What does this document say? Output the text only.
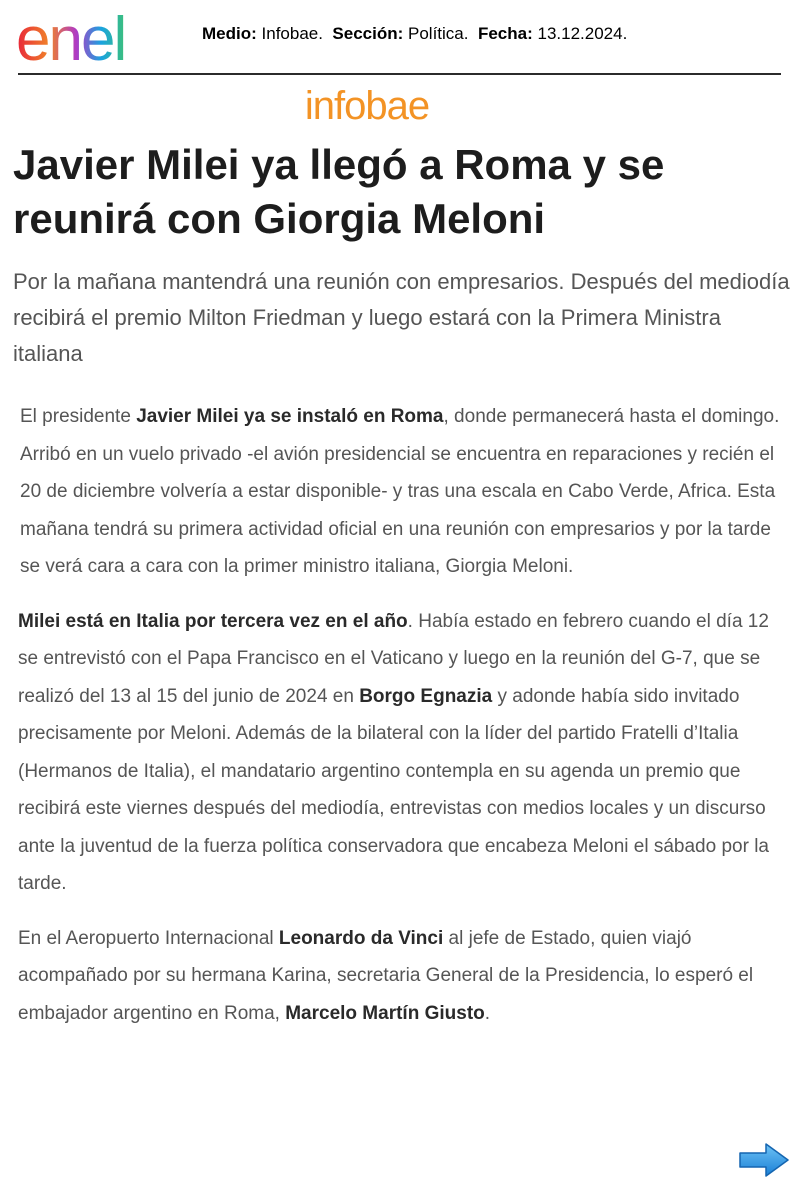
enel	Medio: Infobae. Sección: Política. Fecha: 13.12.2024.
infobae
Javier Milei ya llegó a Roma y se reunirá con Giorgia Meloni

Por la mañana mantendrá una reunión con empresarios. Después del mediodía recibirá el premio Milton Friedman y luego estará con la Primera Ministra italiana

El presidente Javier Milei ya se instaló en Roma, donde permanecerá hasta el domingo. Arribó en un vuelo privado -el avión presidencial se encuentra en reparaciones y recién el 20 de diciembre volvería a estar disponible- y tras una escala en Cabo Verde, Africa. Esta mañana tendrá su primera actividad oficial en una reunión con empresarios y por la tarde se verá cara a cara con la primer ministro italiana, Giorgia Meloni.

Milei está en Italia por tercera vez en el año. Había estado en febrero cuando el día 12 se entrevistó con el Papa Francisco en el Vaticano y luego en la reunión del G-7, que se realizó del 13 al 15 del junio de 2024 en Borgo Egnazia y adonde había sido invitado precisamente por Meloni. Además de la bilateral con la líder del partido Fratelli d’Italia (Hermanos de Italia), el mandatario argentino contempla en su agenda un premio que recibirá este viernes después del mediodía, entrevistas con medios locales y un discurso ante la juventud de la fuerza política conservadora que encabeza Meloni el sábado por la tarde.

En el Aeropuerto Internacional Leonardo da Vinci al jefe de Estado, quien viajó acompañado por su hermana Karina, secretaria General de la Presidencia, lo esperó el embajador argentino en Roma, Marcelo Martín Giusto.
